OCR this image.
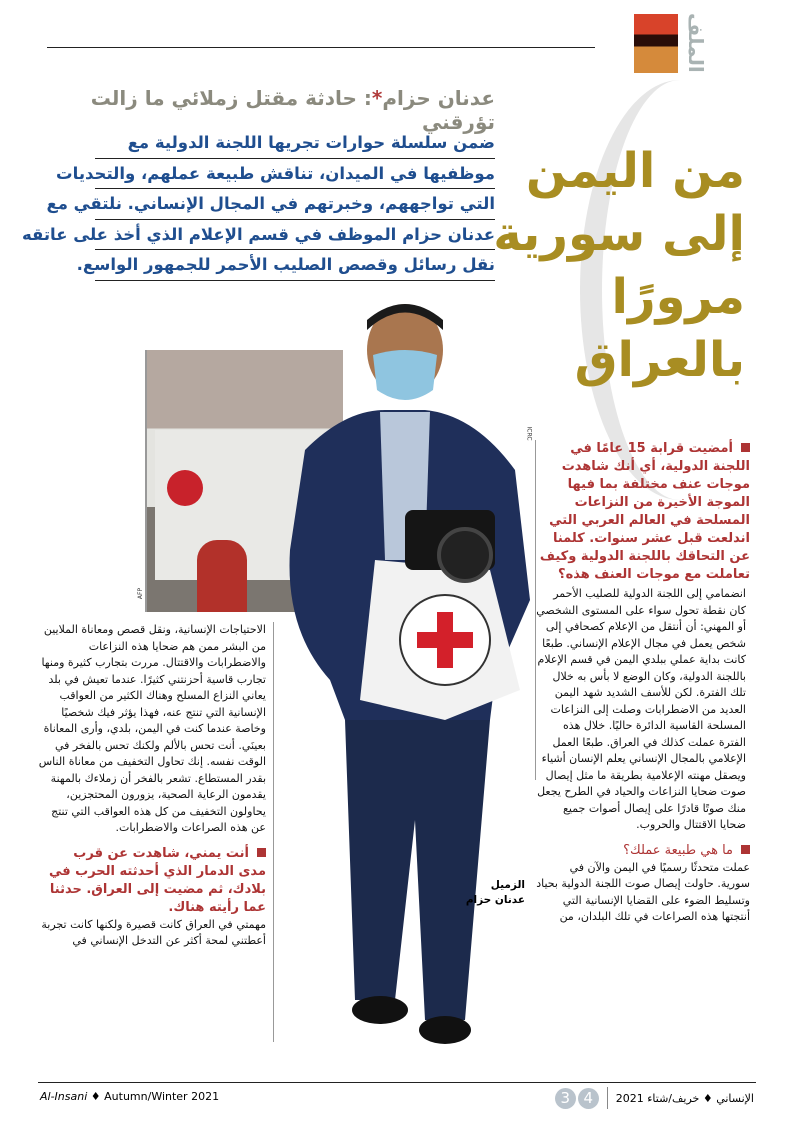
الملف
عدنان حزام*: حادثة مقتل زملائي ما زالت تؤرقني
ضمن سلسلة حوارات تجريها اللجنة الدولية مع
موظفيها في الميدان، تناقش طبيعة عملهم، والتحديات
التي تواجههم، وخبرتهم في المجال الإنساني. نلتقي مع
عدنان حزام الموظف في قسم الإعلام الذي أخذ على عاتقه
نقل رسائل وقصص الصليب الأحمر للجمهور الواسع.
من اليمن
إلى سورية
مرورًا
بالعراق
AFP
ICRC
الزميل
عدنان حزام

أمضيت قرابة 15 عامًا في اللجنة الدولية، أي أنك شاهدت موجات عنف مختلفة بما فيها الموجة الأخيرة من النزاعات المسلحة في العالم العربي التي اندلعت قبل عشر سنوات. كلمنا عن التحاقك باللجنة الدولية وكيف تعاملت مع موجات العنف هذه؟

انضمامي إلى اللجنة الدولية للصليب الأحمر كان نقطة تحول سواء على المستوى الشخصي أو المهني: أن أنتقل من الإعلام كصحافي إلى شخص يعمل في مجال الإعلام الإنساني. طبعًا كانت بداية عملي ببلدي اليمن في قسم الإعلام باللجنة الدولية، وكان الوضع لا بأس به خلال تلك الفترة. لكن للأسف الشديد شهد اليمن العديد من الاضطرابات وصلت إلى النزاعات المسلحة القاسية الدائرة حاليًا. خلال هذه الفترة عملت كذلك في العراق. طبعًا العمل الإعلامي بالمجال الإنساني يعلم الإنسان أشياء ويصقل مهنته الإعلامية بطريقة ما مثل إيصال صوت ضحايا النزاعات والحياد في الطرح يجعل منك صوتًا قادرًا على إيصال أصوات جميع ضحايا الاقتتال والحروب.

ما هي طبيعة عملك؟

عملت متحدثًا رسميًا في اليمن والآن في سورية. حاولت إيصال صوت اللجنة الدولية بحياد وتسليط الضوء على القضايا الإنسانية التي أنتجتها هذه الصراعات في تلك البلدان، من

الاحتياجات الإنسانية، ونقل قصص ومعاناة الملايين من البشر ممن هم ضحايا هذه النزاعات والاضطرابات والاقتتال. مررت بتجارب كثيرة ومنها تجارب قاسية أحزنتني كثيرًا. عندما تعيش في بلد يعاني النزاع المسلح وهناك الكثير من العواقب الإنسانية التي تنتج عنه، فهذا يؤثر فيك شخصيًا وخاصة عندما كنت في اليمن، بلدي، وأرى المعاناة بعينَي. أنت تحس بالألم ولكنك تحس بالفخر في الوقت نفسه. إنك تحاول التخفيف من معاناة الناس بقدر المستطاع. تشعر بالفخر أن زملاءك بالمهنة يقدمون الرعاية الصحية، يزورون المحتجزين، يحاولون التخفيف من كل هذه العواقب التي تنتج عن هذه الصراعات والاضطرابات.

أنت يمني، شاهدت عن قرب مدى الدمار الذي أحدثته الحرب في بلادك، ثم مضيت إلى العراق. حدثنا عما رأيته هناك.

مهمتي في العراق كانت قصيرة ولكنها كانت تجربة أعطتني لمحة أكثر عن التدخل الإنساني في

Al-Insani ♦ Autumn/Winter 2021	الإنساني ♦ خريف/شتاء 2021
3 4
